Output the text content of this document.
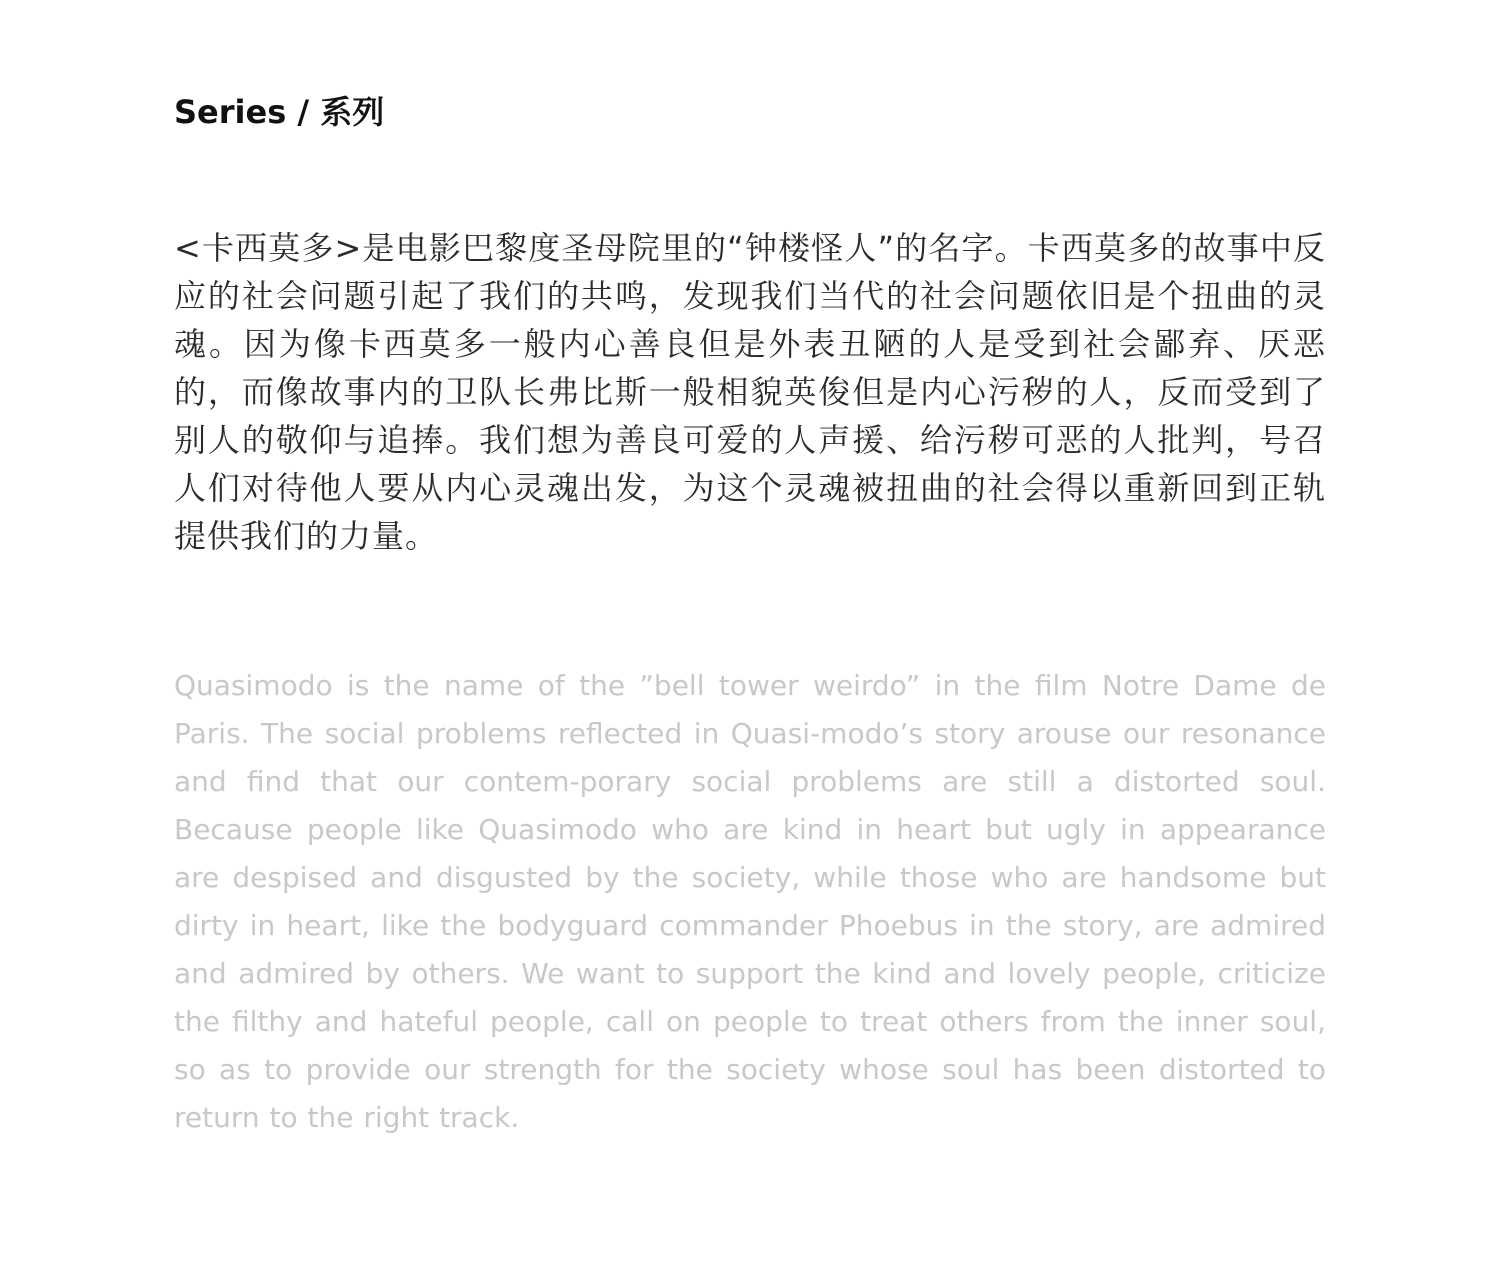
Series / 系列

<卡西莫多>是电影巴黎度圣母院里的“钟楼怪人”的名字。卡西莫多的故事中反应的社会问题引起了我们的共鸣，发现我们当代的社会问题依旧是个扭曲的灵魂。因为像卡西莫多一般内心善良但是外表丑陋的人是受到社会鄙弃、厌恶的，而像故事内的卫队长弗比斯一般相貌英俊但是内心污秽的人，反而受到了别人的敬仰与追捧。我们想为善良可爱的人声援、给污秽可恶的人批判，号召人们对待他人要从内心灵魂出发，为这个灵魂被扭曲的社会得以重新回到正轨提供我们的力量。

Quasimodo is the name of the ”bell tower weirdo” in the film Notre Dame de Paris. The social problems reflected in Quasi-modo’s story arouse our resonance and find that our contem-porary social problems are still a distorted soul. Because people like Quasimodo who are kind in heart but ugly in appearance are despised and disgusted by the society, while those who are handsome but dirty in heart, like the bodyguard commander Phoebus in the story, are admired and admired by others. We want to support the kind and lovely people, criticize the filthy and hateful people, call on people to treat others from the inner soul, so as to provide our strength for the society whose soul has been distorted to return to the right track.
